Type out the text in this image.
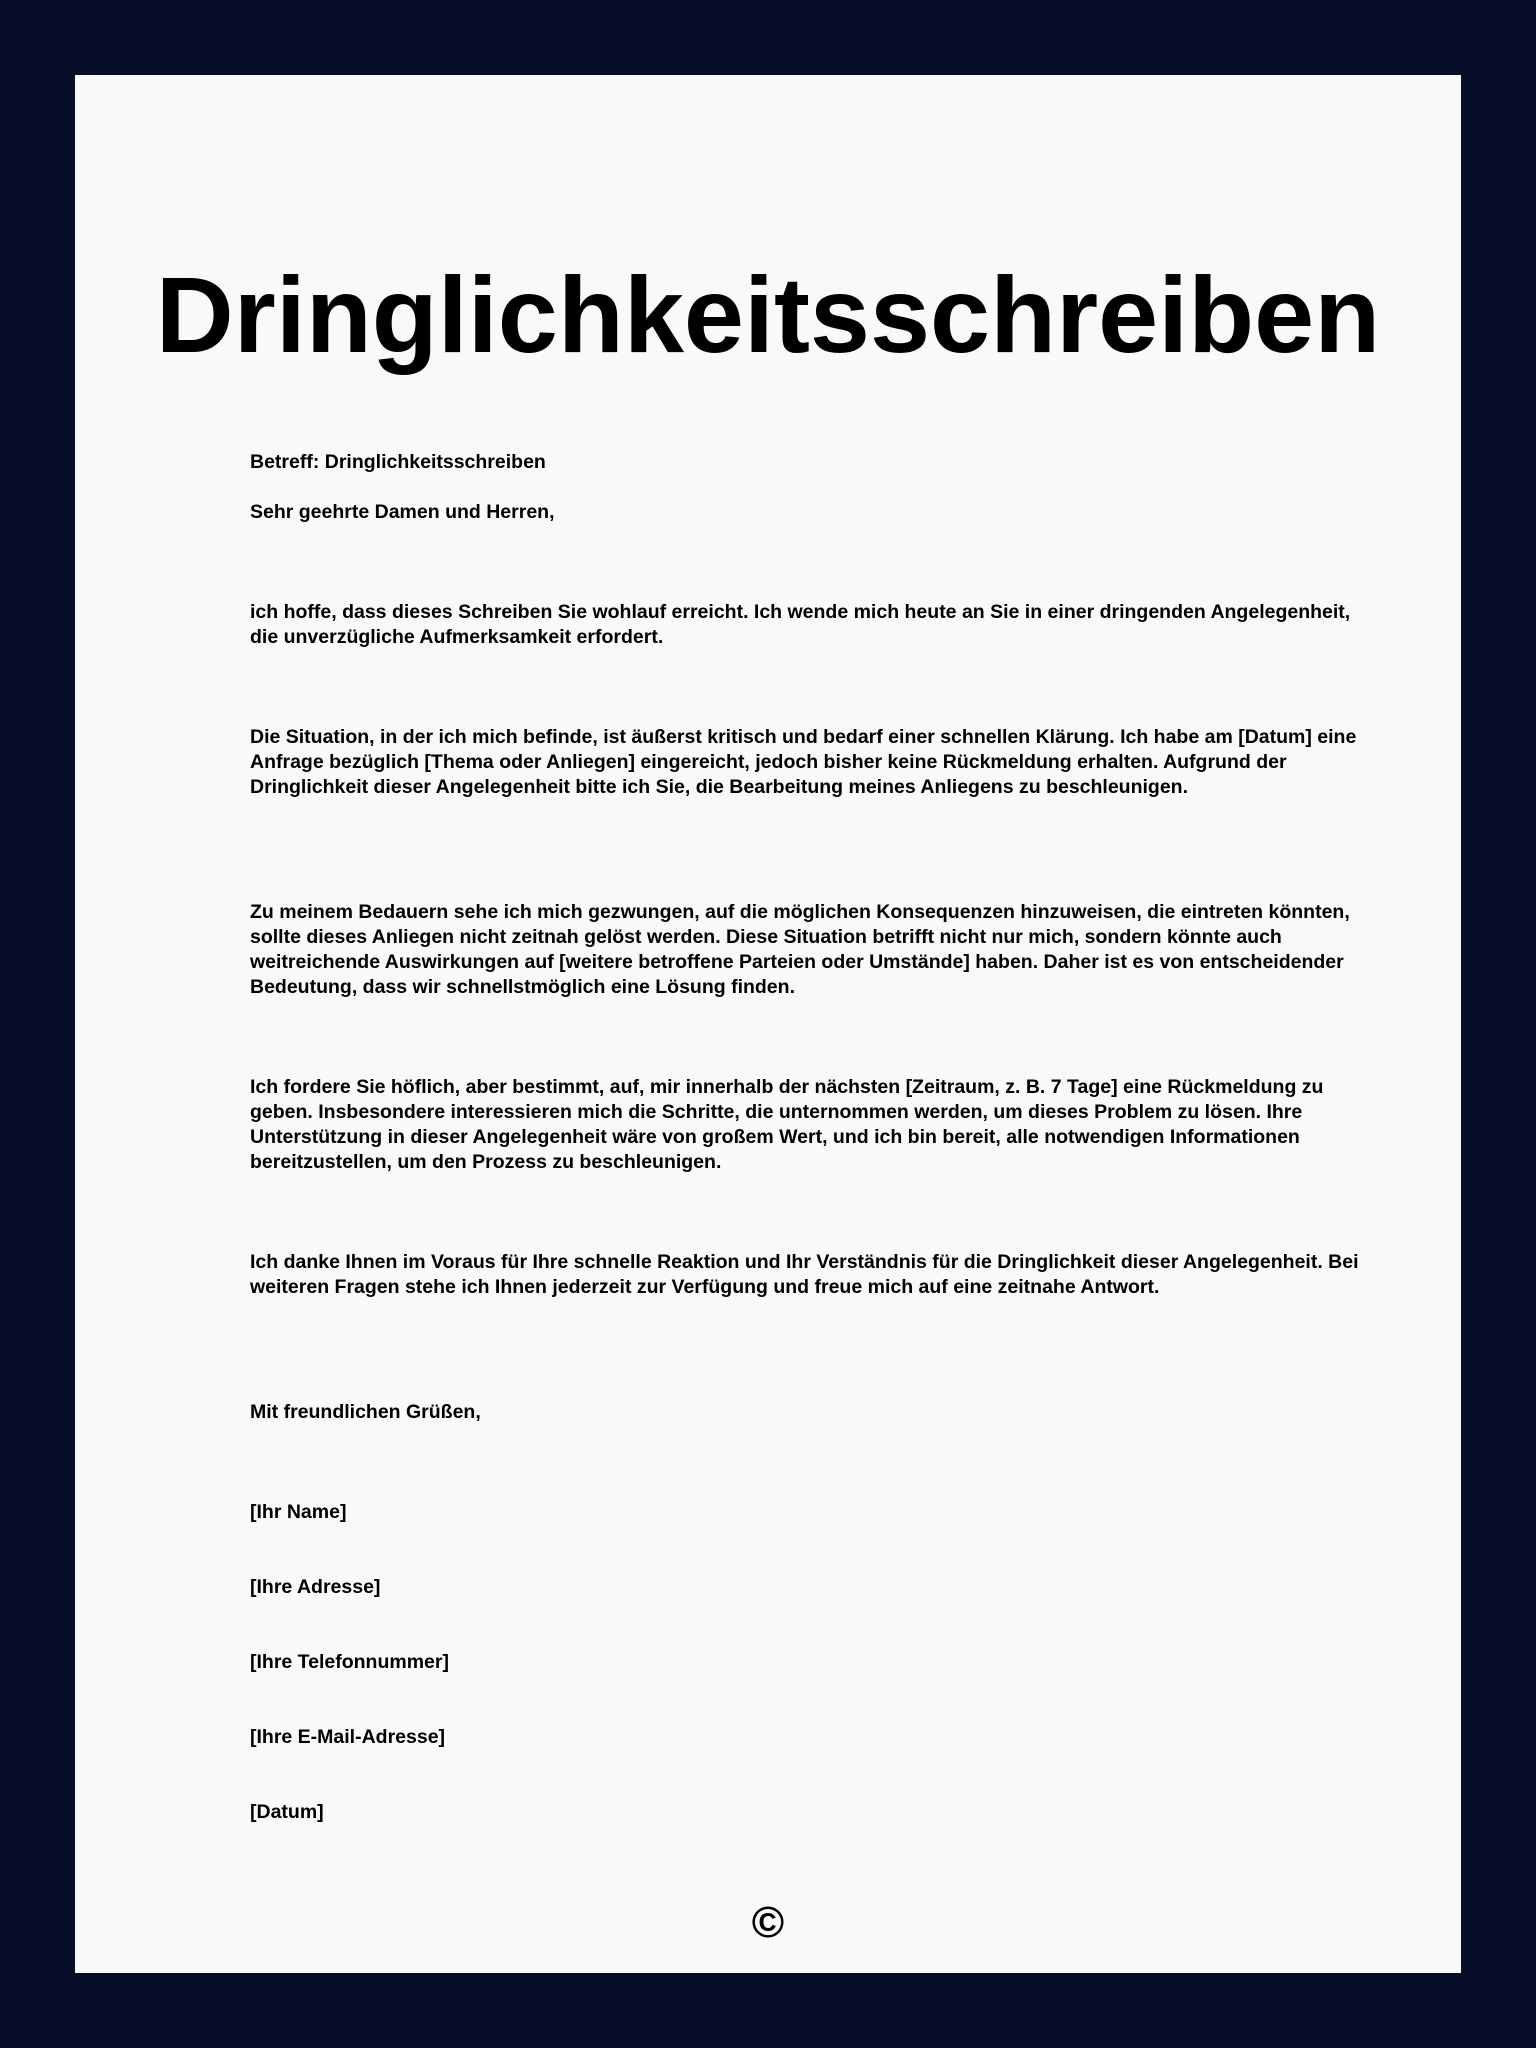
Dringlichkeitsschreiben

Betreff: Dringlichkeitsschreiben

Sehr geehrte Damen und Herren,

ich hoffe, dass dieses Schreiben Sie wohlauf erreicht. Ich wende mich heute an Sie in einer dringenden Angelegenheit, die unverzügliche Aufmerksamkeit erfordert.

Die Situation, in der ich mich befinde, ist äußerst kritisch und bedarf einer schnellen Klärung. Ich habe am [Datum] eine Anfrage bezüglich [Thema oder Anliegen] eingereicht, jedoch bisher keine Rückmeldung erhalten. Aufgrund der Dringlichkeit dieser Angelegenheit bitte ich Sie, die Bearbeitung meines Anliegens zu beschleunigen.

Zu meinem Bedauern sehe ich mich gezwungen, auf die möglichen Konsequenzen hinzuweisen, die eintreten könnten, sollte dieses Anliegen nicht zeitnah gelöst werden. Diese Situation betrifft nicht nur mich, sondern könnte auch weitreichende Auswirkungen auf [weitere betroffene Parteien oder Umstände] haben. Daher ist es von entscheidender Bedeutung, dass wir schnellstmöglich eine Lösung finden.

Ich fordere Sie höflich, aber bestimmt, auf, mir innerhalb der nächsten [Zeitraum, z. B. 7 Tage] eine Rückmeldung zu geben. Insbesondere interessieren mich die Schritte, die unternommen werden, um dieses Problem zu lösen. Ihre Unterstützung in dieser Angelegenheit wäre von großem Wert, und ich bin bereit, alle notwendigen Informationen bereitzustellen, um den Prozess zu beschleunigen.

Ich danke Ihnen im Voraus für Ihre schnelle Reaktion und Ihr Verständnis für die Dringlichkeit dieser Angelegenheit. Bei weiteren Fragen stehe ich Ihnen jederzeit zur Verfügung und freue mich auf eine zeitnahe Antwort.

Mit freundlichen Grüßen,

[Ihr Name]

[Ihre Adresse]

[Ihre Telefonnummer]

[Ihre E-Mail-Adresse]

[Datum]

©
